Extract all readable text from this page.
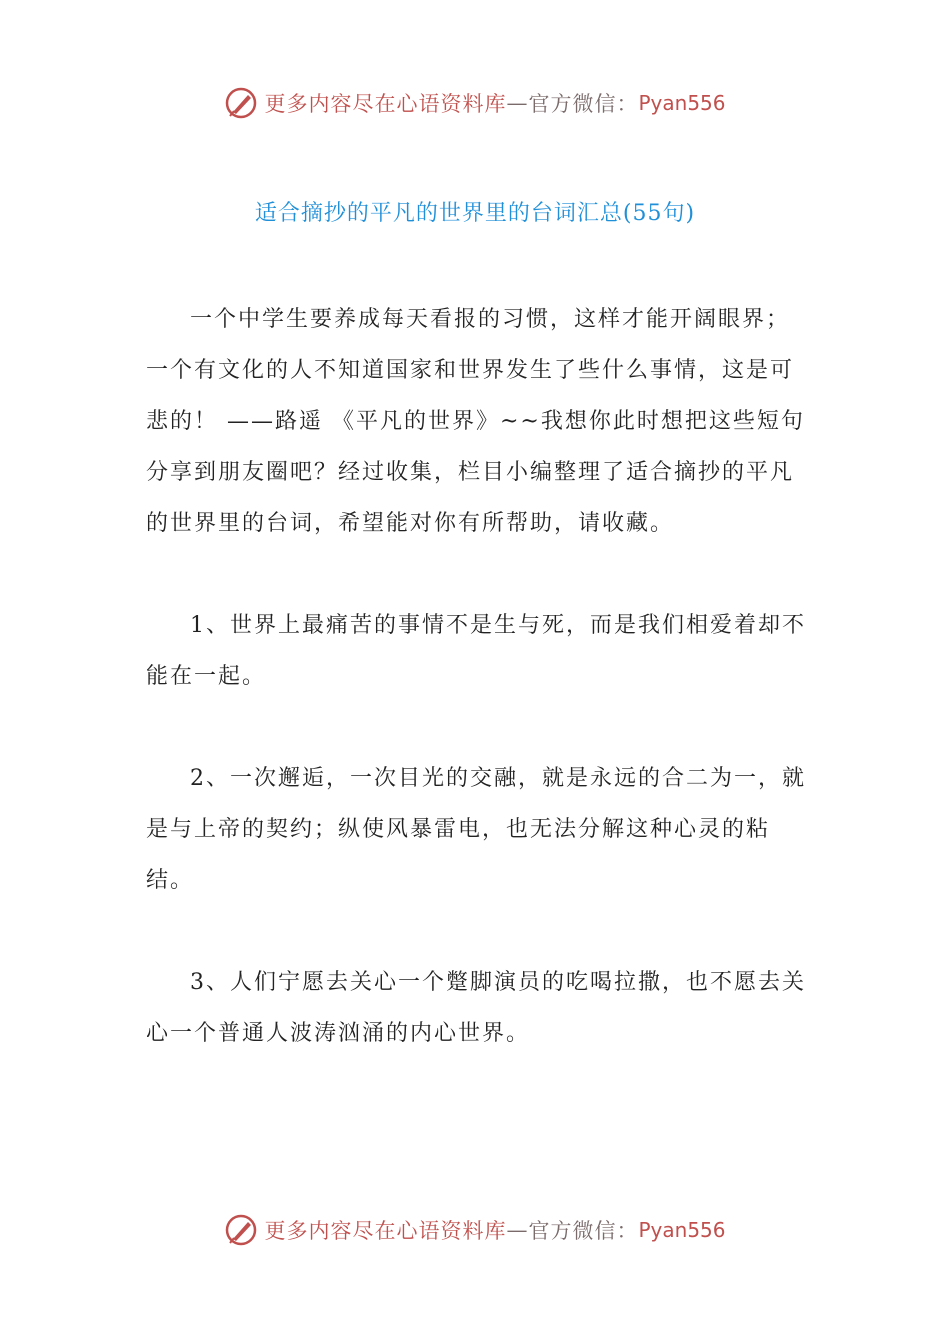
更多内容尽在心语资料库 — 官方微信： Pyan556
适合摘抄的平凡的世界里的台词汇总(55句)

一个中学生要养成每天看报的习惯，这样才能开阔眼界；一个有文化的人不知道国家和世界发生了些什么事情，这是可悲的！ ——路遥 《平凡的世界》~~我想你此时想把这些短句分享到朋友圈吧？经过收集，栏目小编整理了适合摘抄的平凡的世界里的台词，希望能对你有所帮助，请收藏。

1、世界上最痛苦的事情不是生与死，而是我们相爱着却不能在一起。

2、一次邂逅，一次目光的交融，就是永远的合二为一，就是与上帝的契约；纵使风暴雷电，也无法分解这种心灵的粘结。

3、人们宁愿去关心一个蹩脚演员的吃喝拉撒，也不愿去关心一个普通人波涛汹涌的内心世界。

更多内容尽在心语资料库 — 官方微信： Pyan556
